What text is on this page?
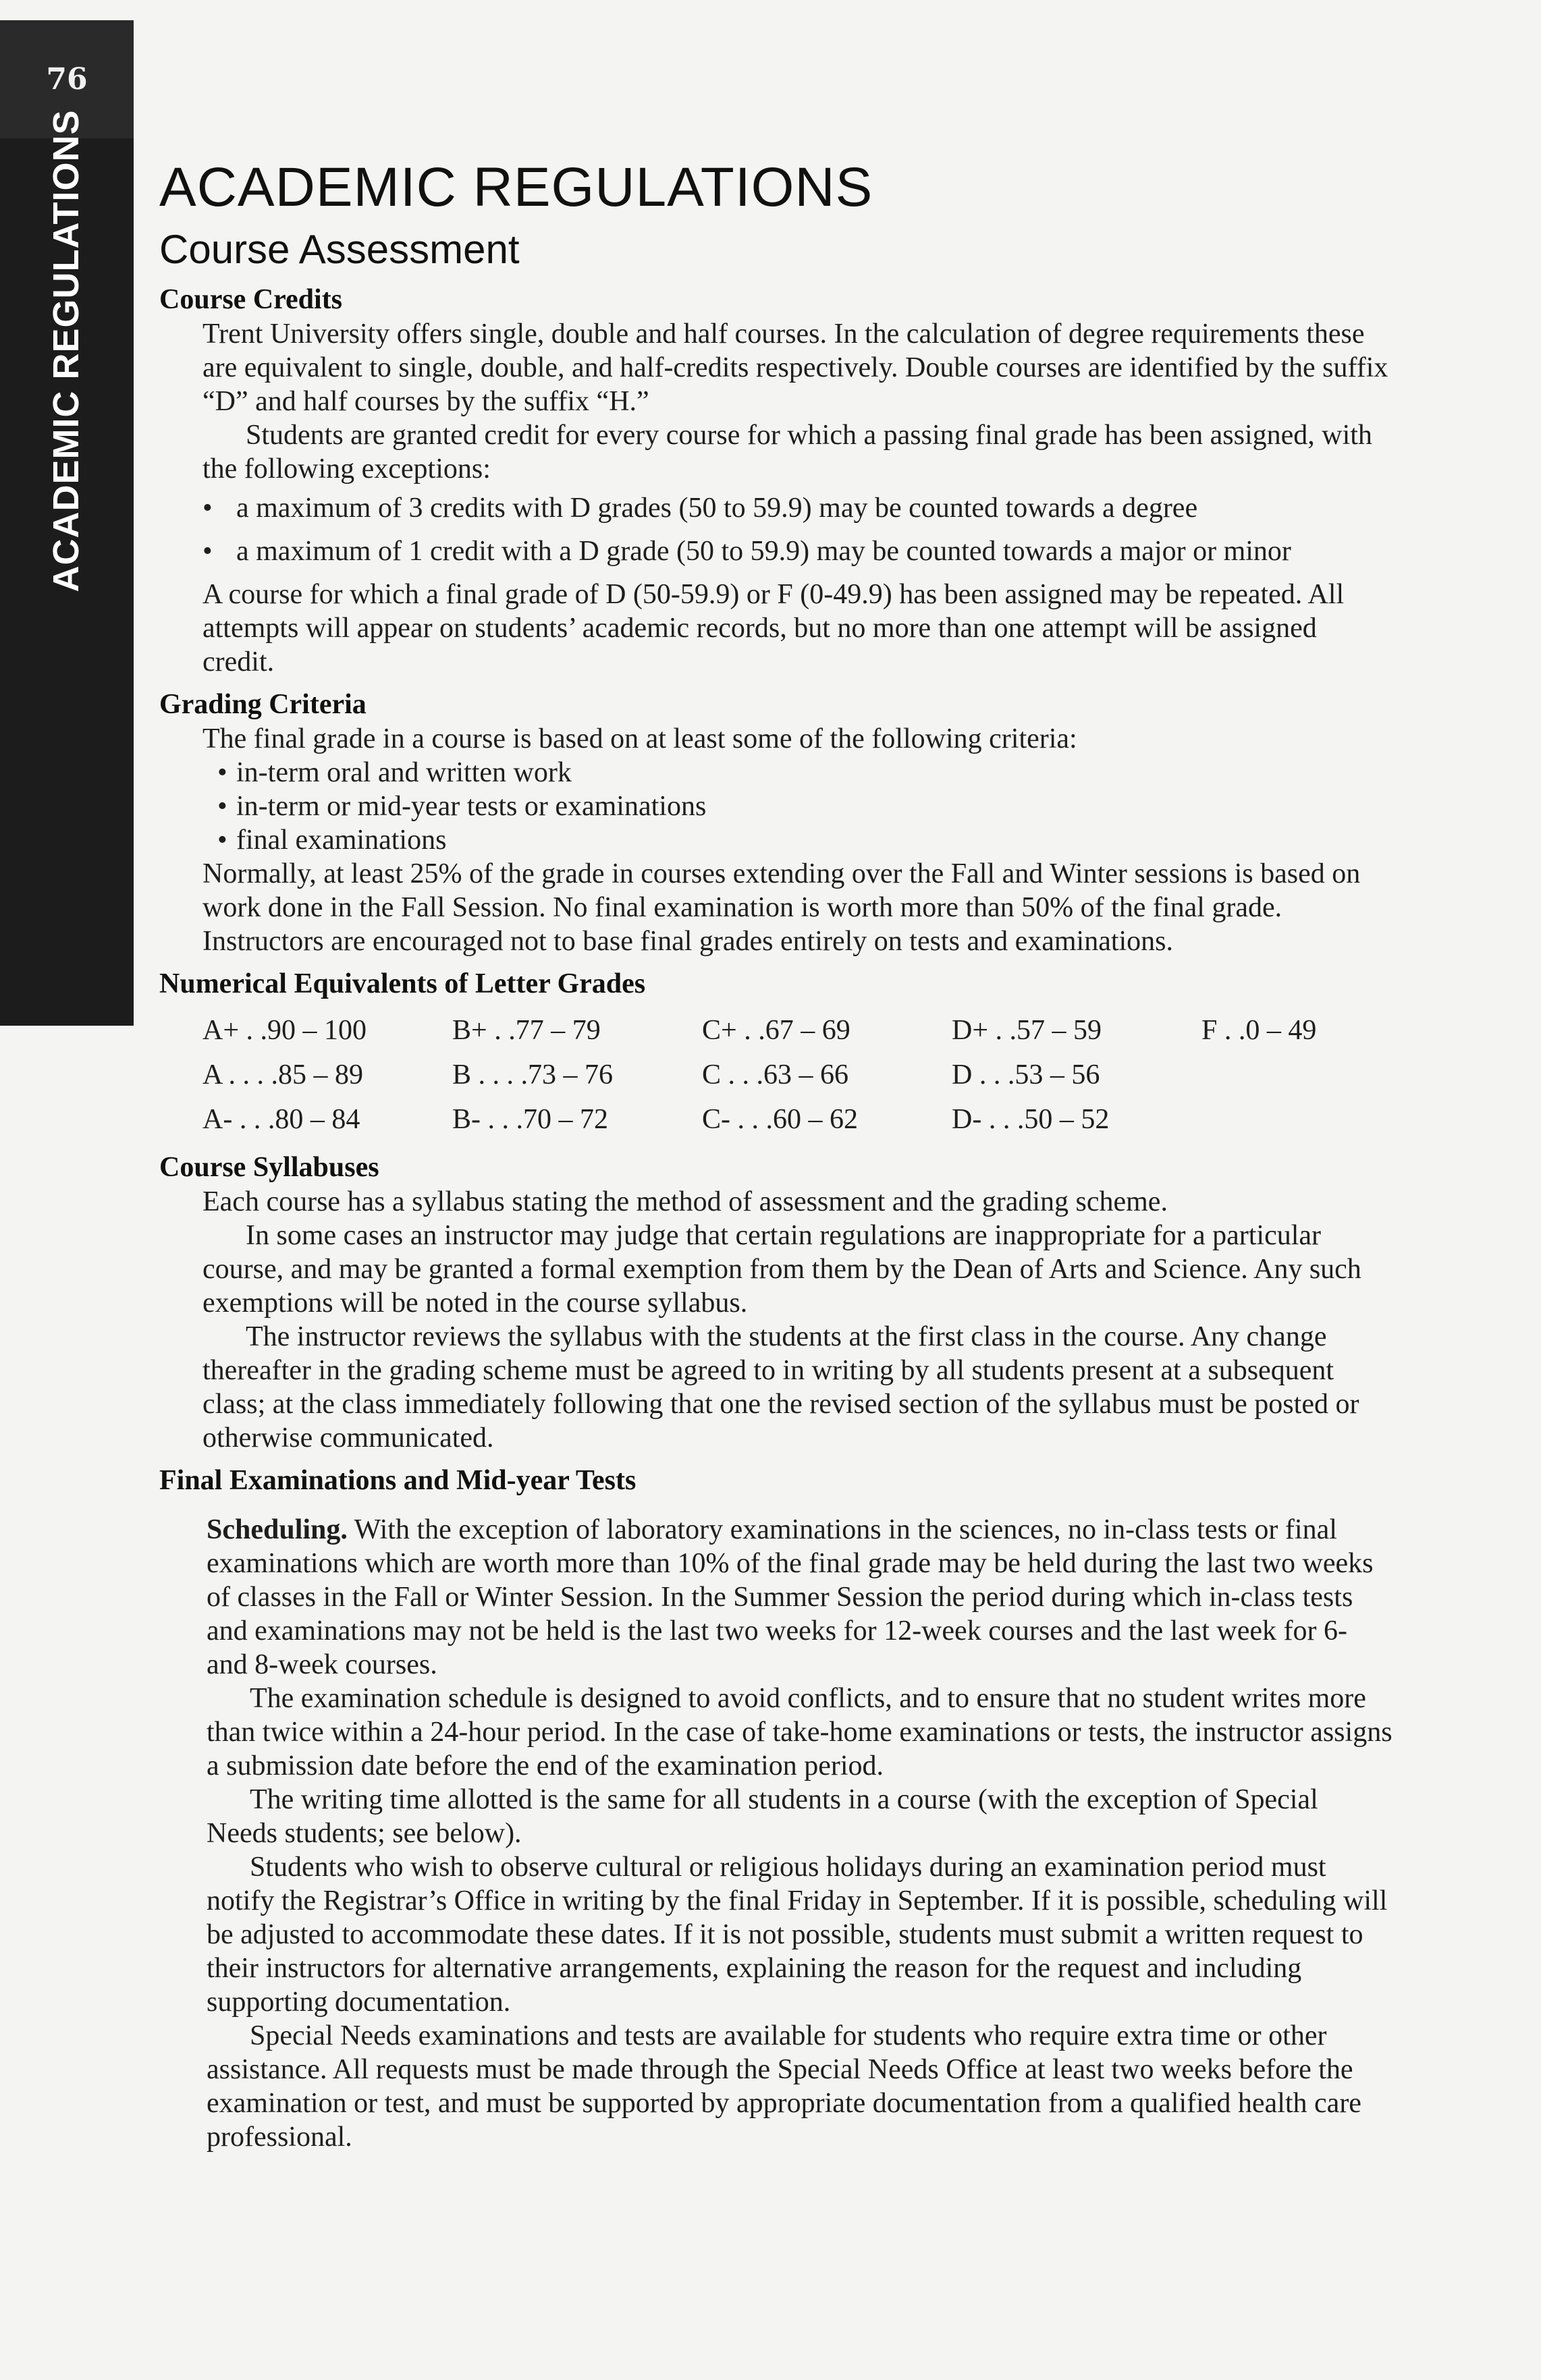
76
ACADEMIC REGULATIONS ACADEMIC REGULATIONS
Course Assessment
Course Credits

Trent University offers single, double and half courses. In the calculation of degree requirements these are equivalent to single, double, and half-credits respectively. Double courses are identified by the suffix “D” and half courses by the suffix “H.”

Students are granted credit for every course for which a passing final grade has been assigned, with the following exceptions:

• a maximum of 3 credits with D grades (50 to 59.9) may be counted towards a degree
• a maximum of 1 credit with a D grade (50 to 59.9) may be counted towards a major or minor

A course for which a final grade of D (50-59.9) or F (0-49.9) has been assigned may be repeated. All attempts will appear on students’ academic records, but no more than one attempt will be assigned credit.

Grading Criteria

The final grade in a course is based on at least some of the following criteria:

• in-term oral and written work
• in-term or mid-year tests or examinations
• final examinations

Normally, at least 25% of the grade in courses extending over the Fall and Winter sessions is based on work done in the Fall Session. No final examination is worth more than 50% of the final grade. Instructors are encouraged not to base final grades entirely on tests and examinations.

Numerical Equivalents of Letter Grades
A+ . .90 – 100	B+ . .77 – 79	C+ . .67 – 69	D+ . .57 – 59	F . .0 – 49
A . . . .85 – 89	B . . . .73 – 76	C . . .63 – 66	D . . .53 – 56	
A- . . .80 – 84	B- . . .70 – 72	C- . . .60 – 62	D- . . .50 – 52	
Course Syllabuses

Each course has a syllabus stating the method of assessment and the grading scheme.

In some cases an instructor may judge that certain regulations are inappropriate for a particular course, and may be granted a formal exemption from them by the Dean of Arts and Science. Any such exemptions will be noted in the course syllabus.

The instructor reviews the syllabus with the students at the first class in the course. Any change thereafter in the grading scheme must be agreed to in writing by all students present at a subsequent class; at the class immediately following that one the revised section of the syllabus must be posted or otherwise communicated.

Final Examinations and Mid-year Tests

Scheduling. With the exception of laboratory examinations in the sciences, no in-class tests or final examinations which are worth more than 10% of the final grade may be held during the last two weeks of classes in the Fall or Winter Session. In the Summer Session the period during which in-class tests and examinations may not be held is the last two weeks for 12-week courses and the last week for 6- and 8-week courses.

The examination schedule is designed to avoid conflicts, and to ensure that no student writes more than twice within a 24-hour period. In the case of take-home examinations or tests, the instructor assigns a submission date before the end of the examination period.

The writing time allotted is the same for all students in a course (with the exception of Special Needs students; see below).

Students who wish to observe cultural or religious holidays during an examination period must notify the Registrar’s Office in writing by the final Friday in September. If it is possible, scheduling will be adjusted to accommodate these dates. If it is not possible, students must submit a written request to their instructors for alternative arrangements, explaining the reason for the request and including supporting documentation.

Special Needs examinations and tests are available for students who require extra time or other assistance. All requests must be made through the Special Needs Office at least two weeks before the examination or test, and must be supported by appropriate documentation from a qualified health care professional.
